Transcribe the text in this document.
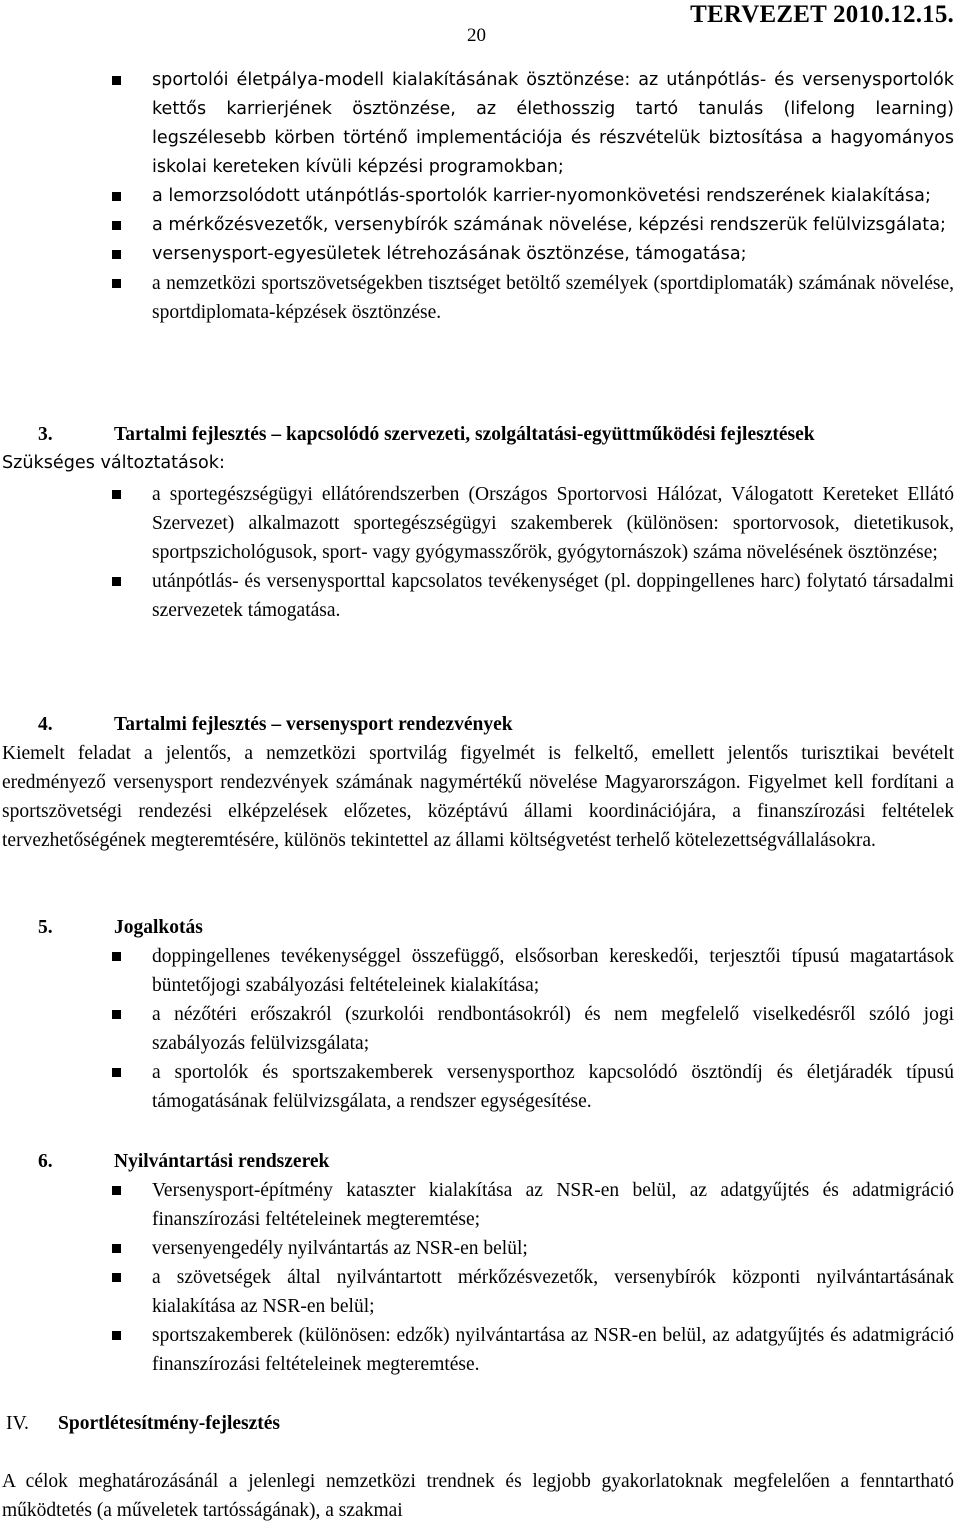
20
TERVEZET 2010.12.15.
sportolói életpálya-modell kialakításának ösztönzése: az utánpótlás- és versenysportolók kettős karrierjének ösztönzése, az élethosszig tartó tanulás (lifelong learning) legszélesebb körben történő implementációja és részvételük biztosítása a hagyományos iskolai kereteken kívüli képzési programokban;
a lemorzsolódott utánpótlás-sportolók karrier-nyomonkövetési rendszerének kialakítása;
a mérkőzésvezetők, versenybírók számának növelése, képzési rendszerük felülvizsgálata;
versenysport-egyesületek létrehozásának ösztönzése, támogatása;
a nemzetközi sportszövetségekben tisztséget betöltő személyek (sportdiplomaták) számának növelése, sportdiplomata-képzések ösztönzése.
3.	Tartalmi fejlesztés – kapcsolódó szervezeti, szolgáltatási-együttműködési fejlesztések
Szükséges változtatások:
a sportegészségügyi ellátórendszerben (Országos Sportorvosi Hálózat, Válogatott Kereteket Ellátó Szervezet) alkalmazott sportegészségügyi szakemberek (különösen: sportorvosok, dietetikusok, sportpszichológusok, sport- vagy gyógymasszőrök, gyógytornászok) száma növelésének ösztönzése;
utánpótlás- és versenysporttal kapcsolatos tevékenységet (pl. doppingellenes harc) folytató társadalmi szervezetek támogatása.
4.	Tartalmi fejlesztés – versenysport rendezvények
Kiemelt feladat a jelentős, a nemzetközi sportvilág figyelmét is felkeltő, emellett jelentős turisztikai bevételt eredményező versenysport rendezvények számának nagymértékű növelése Magyarországon. Figyelmet kell fordítani a sportszövetségi rendezési elképzelések előzetes, középtávú állami koordinációjára, a finanszírozási feltételek tervezhetőségének megteremtésére, különös tekintettel az állami költségvetést terhelő kötelezettségvállalásokra.
5.	Jogalkotás
doppingellenes tevékenységgel összefüggő, elsősorban kereskedői, terjesztői típusú magatartások büntetőjogi szabályozási feltételeinek kialakítása;
a nézőtéri erőszakról (szurkolói rendbontásokról) és nem megfelelő viselkedésről szóló jogi szabályozás felülvizsgálata;
a sportolók és sportszakemberek versenysporthoz kapcsolódó ösztöndíj és életjáradék típusú támogatásának felülvizsgálata, a rendszer egységesítése.
6.	Nyilvántartási rendszerek
Versenysport-építmény kataszter kialakítása az NSR-en belül, az adatgyűjtés és adatmigráció finanszírozási feltételeinek megteremtése;
versenyengedély nyilvántartás az NSR-en belül;
a szövetségek által nyilvántartott mérkőzésvezetők, versenybírók központi nyilvántartásának kialakítása az NSR-en belül;
sportszakemberek (különösen: edzők) nyilvántartása az NSR-en belül, az adatgyűjtés és adatmigráció finanszírozási feltételeinek megteremtése.
IV.	Sportlétesítmény-fejlesztés
A célok meghatározásánál a jelenlegi nemzetközi trendnek és legjobb gyakorlatoknak megfelelően a fenntartható működtetés (a műveletek tartósságának), a szakmai
